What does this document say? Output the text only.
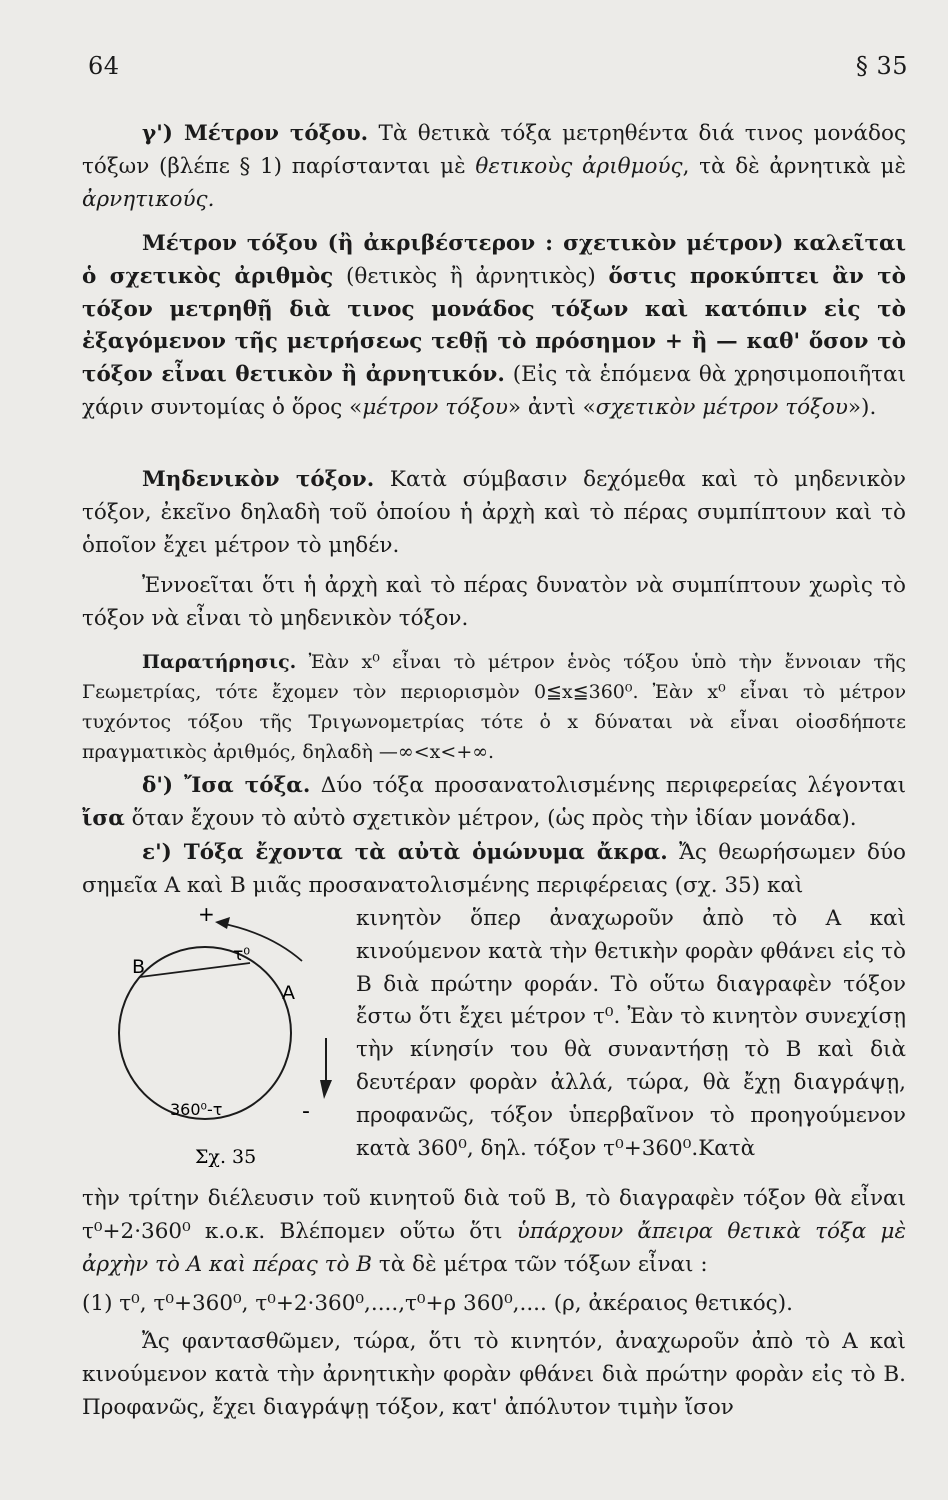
64	§ 35
γ') Μέτρον τόξου. Τὰ θετικὰ τόξα μετρηθέντα διά τινος μονάδος τόξων (βλέπε § 1) παρίστανται μὲ θετικοὺς ἀριθμούς, τὰ δὲ ἀρνητικὰ μὲ ἀρνητικούς.
Μέτρον τόξου (ἢ ἀκριβέστερον : σχετικὸν μέτρον) καλεῖται ὁ σχετικὸς ἀριθμὸς (θετικὸς ἢ ἀρνητικὸς) ὅστις προκύπτει ἂν τὸ τόξον μετρηθῇ διὰ τινος μονάδος τόξων καὶ κατόπιν εἰς τὸ ἐξαγόμενον τῆς μετρήσεως τεθῇ τὸ πρόσημον + ἢ — καθ' ὅσον τὸ τόξον εἶναι θετικὸν ἢ ἀρνητικόν. (Εἰς τὰ ἑπόμενα θὰ χρησιμοποιῆται χάριν συντομίας ὁ ὅρος «μέτρον τόξου» ἀντὶ «σχετικὸν μέτρον τόξου»).
Μηδενικὸν τόξον. Κατὰ σύμβασιν δεχόμεθα καὶ τὸ μηδενικὸν τόξον, ἐκεῖνο δηλαδὴ τοῦ ὁποίου ἡ ἀρχὴ καὶ τὸ πέρας συμπίπτουν καὶ τὸ ὁποῖον ἔχει μέτρον τὸ μηδέν.
Ἐννοεῖται ὅτι ἡ ἀρχὴ καὶ τὸ πέρας δυνατὸν νὰ συμπίπτουν χωρὶς τὸ τόξον νὰ εἶναι τὸ μηδενικὸν τόξον.
Παρατήρησις. Ἐὰν x⁰ εἶναι τὸ μέτρον ἑνὸς τόξου ὑπὸ τὴν ἔννοιαν τῆς Γεωμετρίας, τότε ἔχομεν τὸν περιορισμὸν 0≦x≦360⁰. Ἐὰν x⁰ εἶναι τὸ μέτρον τυχόντος τόξου τῆς Τριγωνομετρίας τότε ὁ x δύναται νὰ εἶναι οἱοσδήποτε πραγματικὸς ἀριθμός, δηλαδὴ —∞<x<+∞.
δ') Ἴσα τόξα. Δύο τόξα προσανατολισμένης περιφερείας λέγονται ἴσα ὅταν ἔχουν τὸ αὐτὸ σχετικὸν μέτρον, (ὡς πρὸς τὴν ἰδίαν μονάδα).
ε') Τόξα ἔχοντα τὰ αὐτὰ ὁμώνυμα ἄκρα. Ἄς θεωρήσωμεν δύο σημεῖα Α καὶ Β μιᾶς προσανατολισμένης περιφέρειας (σχ. 35) καὶ
+
B
τ⁰
A
360⁰-τ	-
Σχ. 35
κινητὸν ὅπερ ἀναχωροῦν ἀπὸ τὸ Α καὶ κινούμενον κατὰ τὴν θετικὴν φορὰν φθάνει εἰς τὸ Β διὰ πρώτην φοράν. Τὸ οὕτω διαγραφὲν τόξον ἔστω ὅτι ἔχει μέτρον τ⁰. Ἐὰν τὸ κινητὸν συνεχίσῃ τὴν κίνησίν του θὰ συναντήσῃ τὸ Β καὶ διὰ δευτέραν φορὰν ἀλλά, τώρα, θὰ ἔχῃ διαγράψῃ, προφανῶς, τόξον ὑπερβαῖνον τὸ προηγούμενον κατὰ 360⁰, δηλ. τόξον τ⁰+360⁰.Κατὰ
τὴν τρίτην διέλευσιν τοῦ κινητοῦ διὰ τοῦ Β, τὸ διαγραφὲν τόξον θὰ εἶναι τ⁰+2·360⁰ κ.ο.κ. Βλέπομεν οὕτω ὅτι ὑπάρχουν ἄπειρα θετικὰ τόξα μὲ ἀρχὴν τὸ Α καὶ πέρας τὸ Β τὰ δὲ μέτρα τῶν τόξων εἶναι :
(1) τ⁰, τ⁰+360⁰, τ⁰+2·360⁰,....,τ⁰+ρ 360⁰,.... (ρ, ἀκέραιος θετικός).
Ἄς φαντασθῶμεν, τώρα, ὅτι τὸ κινητόν, ἀναχωροῦν ἀπὸ τὸ Α καὶ κινούμενον κατὰ τὴν ἀρνητικὴν φορὰν φθάνει διὰ πρώτην φορὰν εἰς τὸ Β. Προφανῶς, ἔχει διαγράψῃ τόξον, κατ' ἀπόλυτον τιμὴν ἴσον
